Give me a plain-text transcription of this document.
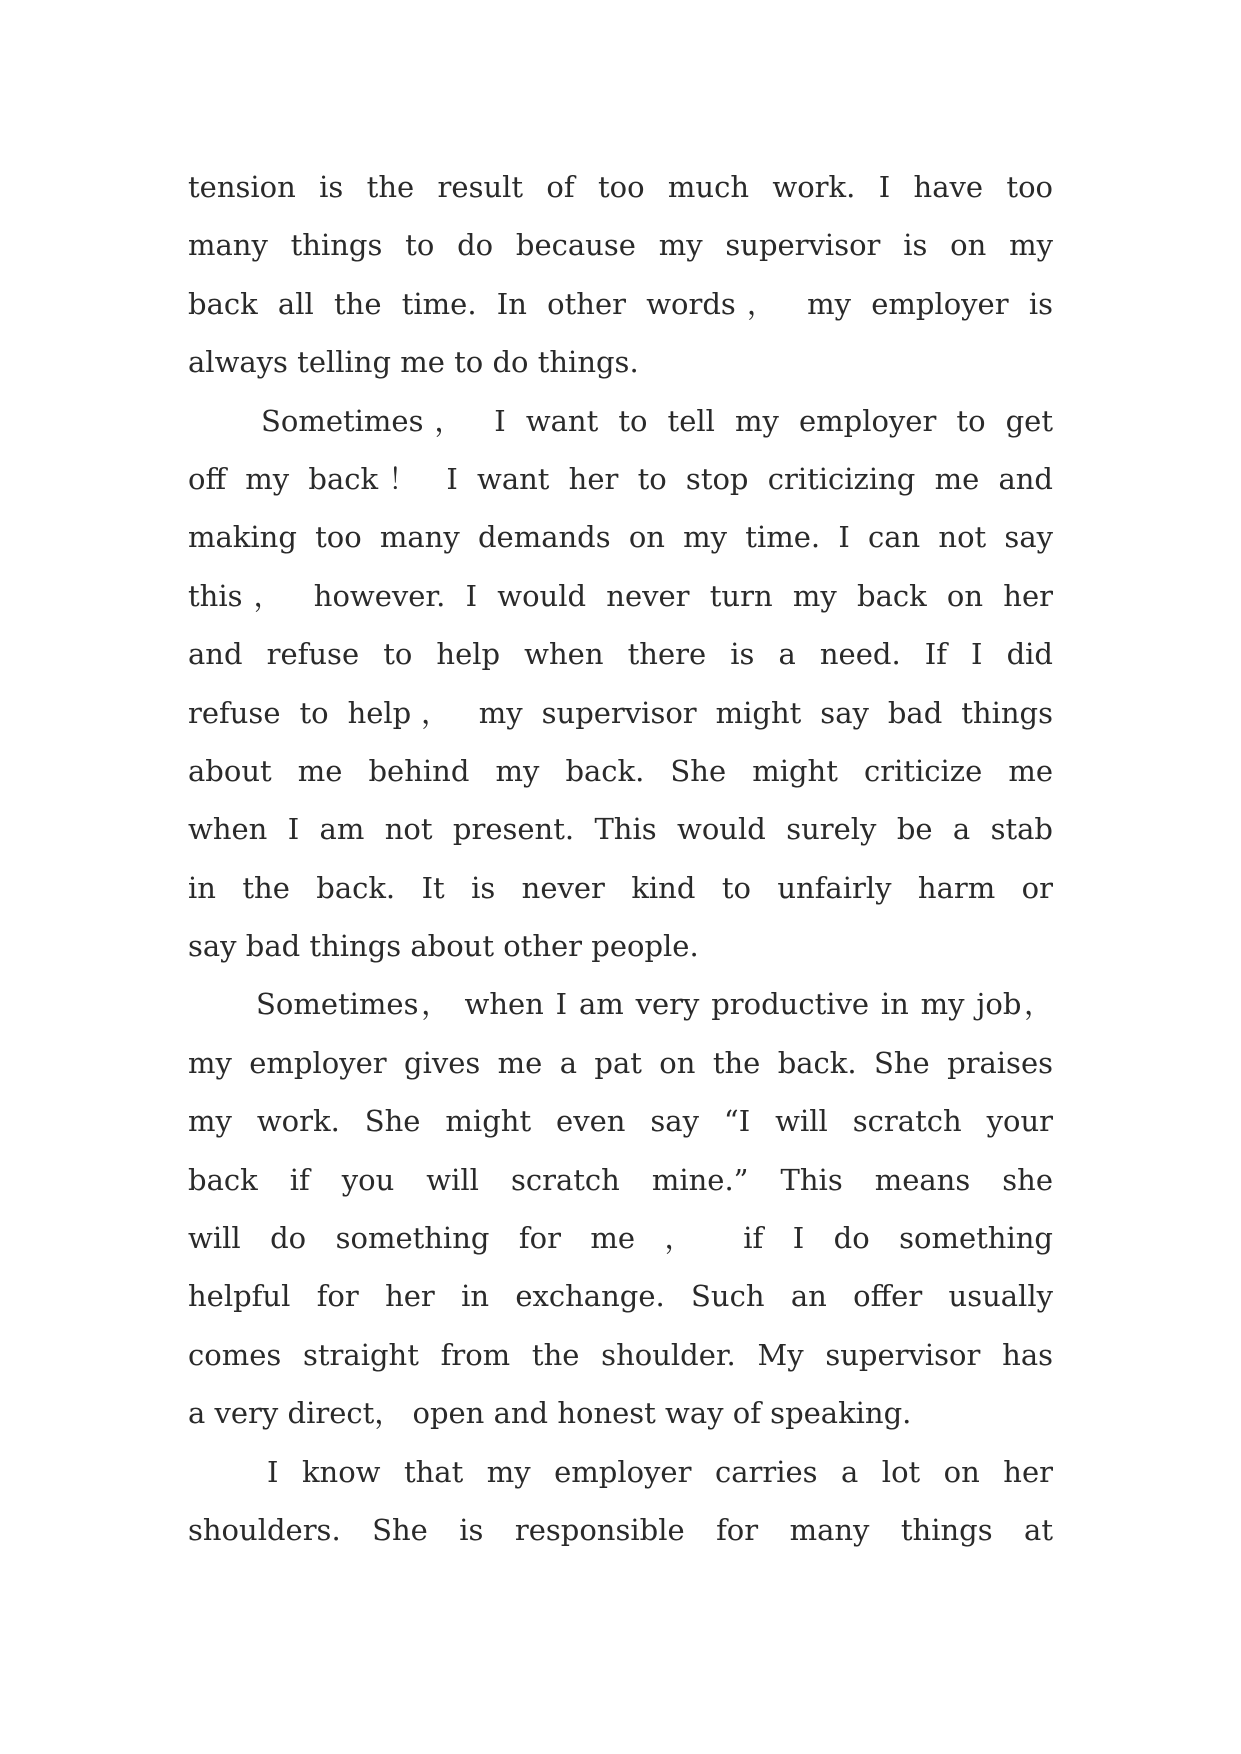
tension is the result of too much work. I have too
many things to do because my supervisor is on my
back all the time. In other words， my employer is
always telling me to do things.
Sometimes， I want to tell my employer to get
off my back！ I want her to stop criticizing me and
making too many demands on my time. I can not say
this， however. I would never turn my back on her
and refuse to help when there is a need. If I did
refuse to help， my supervisor might say bad things
about me behind my back. She might criticize me
when I am not present. This would surely be a stab
in the back. It is never kind to unfairly harm or
say bad things about other people.
Sometimes， when I am very productive in my job，
my employer gives me a pat on the back. She praises
my work. She might even say “I will scratch your
back if you will scratch mine.” This means she
will do something for me ， if I do something
helpful for her in exchange. Such an offer usually
comes straight from the shoulder. My supervisor has
a very direct， open and honest way of speaking.
I know that my employer carries a lot on her
shoulders. She is responsible for many things at
